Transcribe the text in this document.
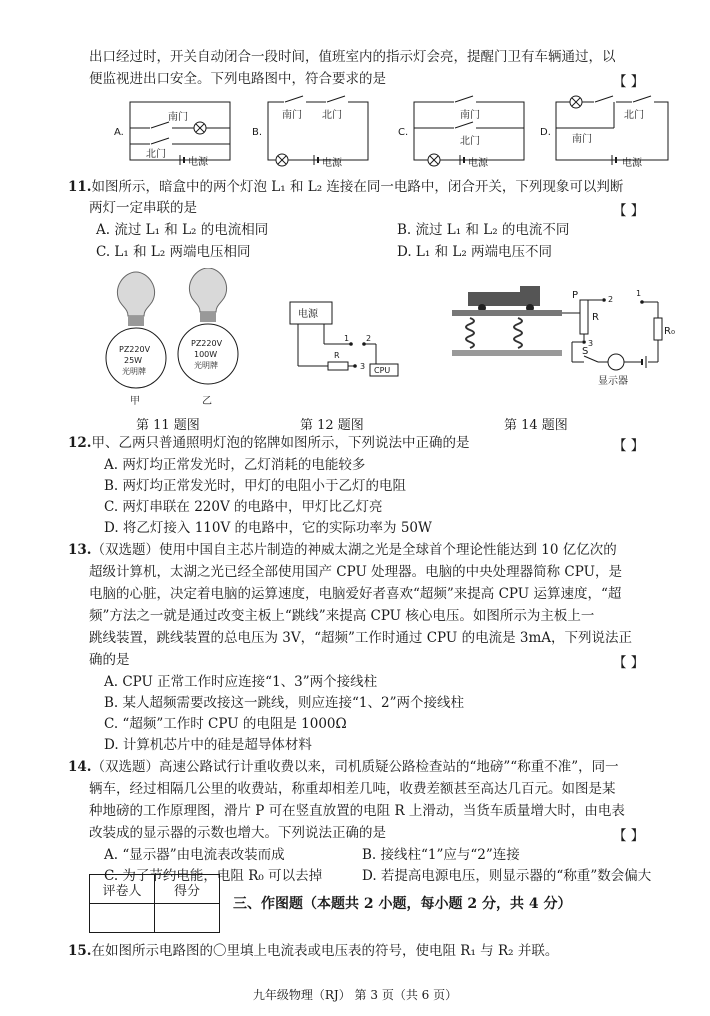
出口经过时，开关自动闭合一段时间，值班室内的指示灯会亮，提醒门卫有车辆通过，以
便监视进出口安全。下列电路图中，符合要求的是	【 】
A.
南门
北门
电源
B.
南门 北门
电源
C.
南门
北门
电源
D.
北门
南门
电源
11.如图所示，暗盒中的两个灯泡 L₁ 和 L₂ 连接在同一电路中，闭合开关，下列现象可以判断
两灯一定串联的是	【 】
A. 流过 L₁ 和 L₂ 的电流相同	B. 流过 L₁ 和 L₂ 的电流不同
C. L₁ 和 L₂ 两端电压相同	D. L₁ 和 L₂ 两端电压不同
PZ220V
25W
光明牌
PZ220V
100W
光明牌
甲	乙
第 11 题图
电源
1 2
R
3 CPU
第 12 题图
P
R
2
3
1
R₀
S
显示器
第 14 题图
12.甲、乙两只普通照明灯泡的铭牌如图所示，下列说法中正确的是	【 】
A. 两灯均正常发光时，乙灯消耗的电能较多
B. 两灯均正常发光时，甲灯的电阻小于乙灯的电阻
C. 两灯串联在 220V 的电路中，甲灯比乙灯亮
D. 将乙灯接入 110V 的电路中，它的实际功率为 50W
13.（双选题）使用中国自主芯片制造的神威太湖之光是全球首个理论性能达到 10 亿亿次的
超级计算机，太湖之光已经全部使用国产 CPU 处理器。电脑的中央处理器简称 CPU，是
电脑的心脏，决定着电脑的运算速度，电脑爱好者喜欢“超频”来提高 CPU 运算速度，“超
频”方法之一就是通过改变主板上“跳线”来提高 CPU 核心电压。如图所示为主板上一
跳线装置，跳线装置的总电压为 3V，“超频”工作时通过 CPU 的电流是 3mA，下列说法正
确的是	【 】
A. CPU 正常工作时应连接“1、3”两个接线柱
B. 某人超频需要改接这一跳线，则应连接“1、2”两个接线柱
C. “超频”工作时 CPU 的电阻是 1000Ω
D. 计算机芯片中的硅是超导体材料
14.（双选题）高速公路试行计重收费以来，司机质疑公路检查站的“地磅”“称重不准”，同一
辆车，经过相隔几公里的收费站，称重却相差几吨，收费差额甚至高达几百元。如图是某
种地磅的工作原理图，滑片 P 可在竖直放置的电阻 R 上滑动，当货车质量增大时，由电表
改装成的显示器的示数也增大。下列说法正确的是	【 】
A. “显示器”由电流表改装而成	B. 接线柱“1”应与“2”连接
C. 为了节约电能，电阻 R₀ 可以去掉	D. 若提高电源电压，则显示器的“称重”数会偏大
评卷人	得分

三、作图题（本题共 2 小题，每小题 2 分，共 4 分）
15.在如图所示电路图的〇里填上电流表或电压表的符号，使电阻 R₁ 与 R₂ 并联。
九年级物理（RJ） 第 3 页（共 6 页）
